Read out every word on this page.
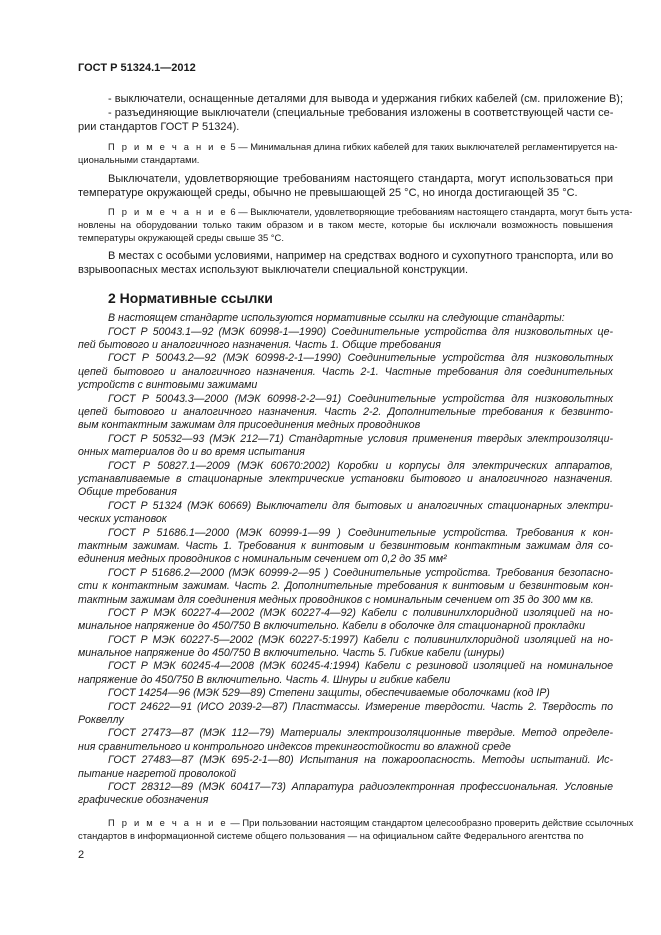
ГОСТ Р 51324.1—2012
- выключатели, оснащенные деталями для вывода и удержания гибких кабелей (см. приложение В);
- разъединяющие выключатели (специальные требования изложены в соответствующей части се-
рии стандартов ГОСТ Р 51324).
П р и м е ч а н и е 5 — Минимальная длина гибких кабелей для таких выключателей регламентируется на-
циональными стандартами.
Выключатели, удовлетворяющие требованиям настоящего стандарта, могут использоваться при
температуре окружающей среды, обычно не превышающей 25 °С, но иногда достигающей 35 °С.
П р и м е ч а н и е 6 — Выключатели, удовлетворяющие требованиям настоящего стандарта, могут быть уста-
новлены на оборудовании только таким образом и в таком месте, которые бы исключали возможность повышения
температуры окружающей среды свыше 35 °С.
В местах с особыми условиями, например на средствах водного и сухопутного транспорта, или во
взрывоопасных местах используют выключатели специальной конструкции.
2 Нормативные ссылки
В настоящем стандарте используются нормативные ссылки на следующие стандарты:
ГОСТ Р 50043.1—92 (МЭК 60998-1—1990) Соединительные устройства для низковольтных це-
пей бытового и аналогичного назначения. Часть 1. Общие требования
ГОСТ Р 50043.2—92 (МЭК 60998-2-1—1990) Соединительные устройства для низковольтных
цепей бытового и аналогичного назначения. Часть 2-1. Частные требования для соединительных
устройств с винтовыми зажимами
ГОСТ Р 50043.3—2000 (МЭК 60998-2-2—91) Соединительные устройства для низковольтных
цепей бытового и аналогичного назначения. Часть 2-2. Дополнительные требования к безвинто-
вым контактным зажимам для присоединения медных проводников
ГОСТ Р 50532—93 (МЭК 212—71) Стандартные условия применения твердых электроизоляци-
онных материалов до и во время испытания
ГОСТ Р 50827.1—2009 (МЭК 60670:2002) Коробки и корпусы для электрических аппаратов,
устанавливаемые в стационарные электрические установки бытового и аналогичного назначения.
Общие требования
ГОСТ Р 51324 (МЭК 60669) Выключатели для бытовых и аналогичных стационарных электри-
ческих установок
ГОСТ Р 51686.1—2000 (МЭК 60999-1—99 ) Соединительные устройства. Требования к кон-
тактным зажимам. Часть 1. Требования к винтовым и безвинтовым контактным зажимам для со-
единения медных проводников с номинальным сечением от 0,2 до 35 мм²
ГОСТ Р 51686.2—2000 (МЭК 60999-2—95 ) Соединительные устройства. Требования безопасно-
сти к контактным зажимам. Часть 2. Дополнительные требования к винтовым и безвинтовым кон-
тактным зажимам для соединения медных проводников с номинальным сечением от 35 до 300 мм кв.
ГОСТ Р МЭК 60227-4—2002 (МЭК 60227-4—92) Кабели с поливинилхлоридной изоляцией на но-
минальное напряжение до 450/750 В включительно. Кабели в оболочке для стационарной прокладки
ГОСТ Р МЭК 60227-5—2002 (МЭК 60227-5:1997) Кабели с поливинилхлоридной изоляцией на но-
минальное напряжение до 450/750 В включительно. Часть 5. Гибкие кабели (шнуры)
ГОСТ Р МЭК 60245-4—2008 (МЭК 60245-4:1994) Кабели с резиновой изоляцией на номинальное
напряжение до 450/750 В включительно. Часть 4. Шнуры и гибкие кабели
ГОСТ 14254—96 (МЭК 529—89) Степени защиты, обеспечиваемые оболочками (код IP)
ГОСТ 24622—91 (ИСО 2039-2—87) Пластмассы. Измерение твердости. Часть 2. Твердость по
Роквеллу
ГОСТ 27473—87 (МЭК 112—79) Материалы электроизоляционные твердые. Метод определе-
ния сравнительного и контрольного индексов трекингостойкости во влажной среде
ГОСТ 27483—87 (МЭК 695-2-1—80) Испытания на пожароопасность. Методы испытаний. Ис-
пытание нагретой проволокой
ГОСТ 28312—89 (МЭК 60417—73) Аппаратура радиоэлектронная профессиональная. Условные
графические обозначения
П р и м е ч а н и е — При пользовании настоящим стандартом целесообразно проверить действие ссылочных
стандартов в информационной системе общего пользования — на официальном сайте Федерального агентства по
2
